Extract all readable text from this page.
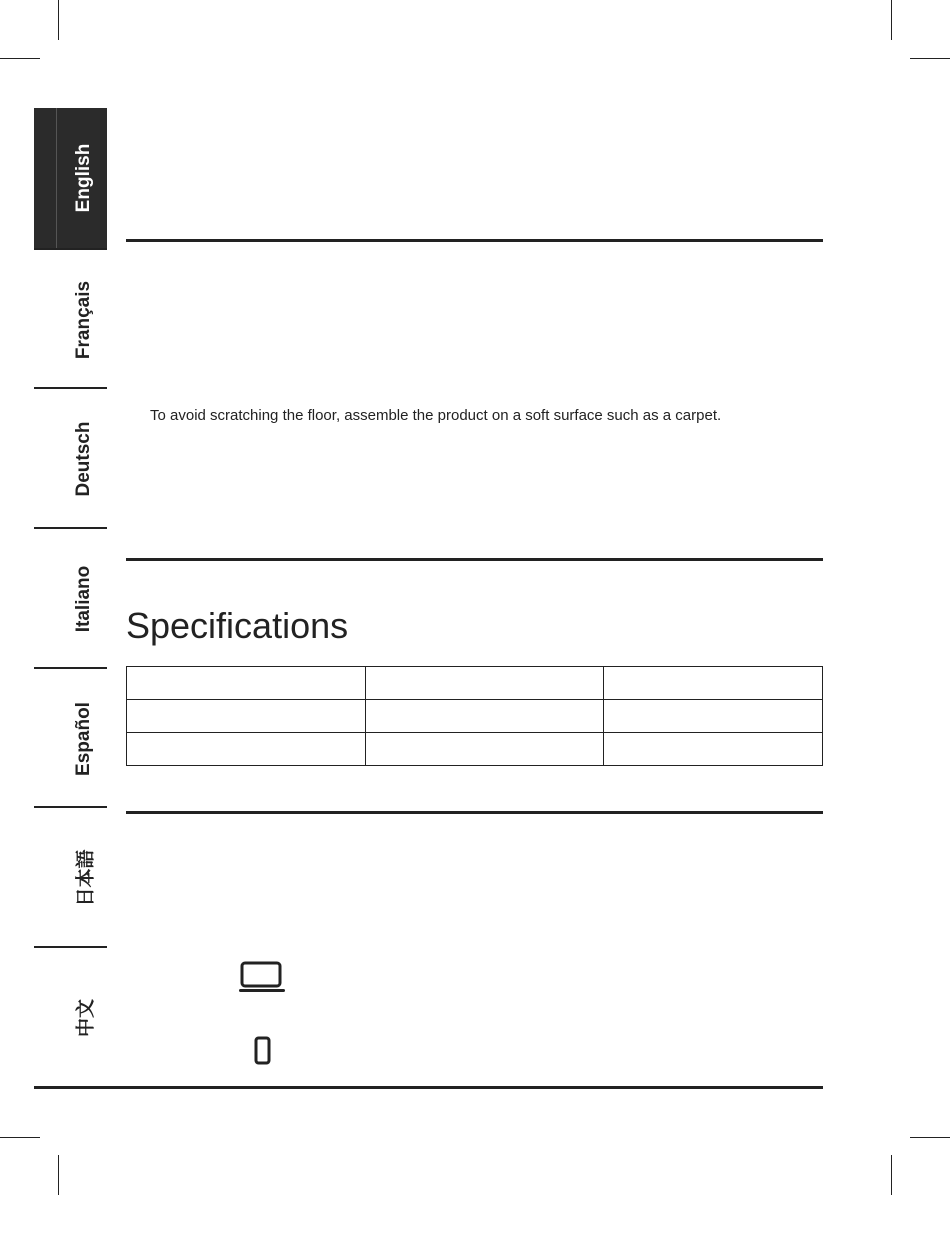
English
Français
Deutsch
Italiano
Español
日本語
中文

To avoid scratching the floor, assemble the product on a soft surface such as a carpet.

Specifications
